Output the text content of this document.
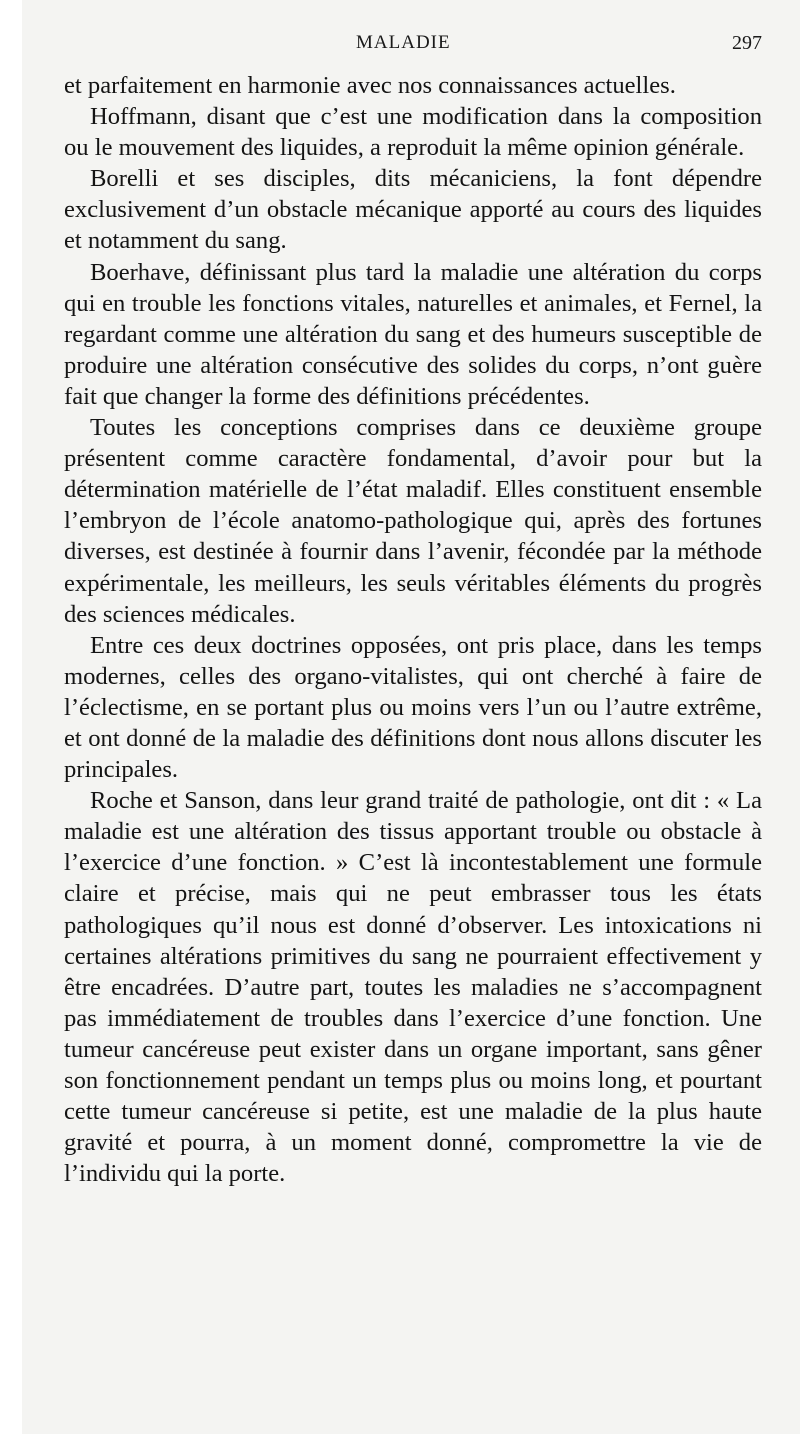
MALADIE	297

et parfaitement en harmonie avec nos connaissances actuelles.

Hoffmann, disant que c’est une modification dans la composition ou le mouvement des liquides, a reproduit la même opinion générale.

Borelli et ses disciples, dits mécaniciens, la font dépendre exclusivement d’un obstacle mécanique apporté au cours des liquides et notamment du sang.

Boerhave, définissant plus tard la maladie une altération du corps qui en trouble les fonctions vitales, naturelles et animales, et Fernel, la regardant comme une altération du sang et des humeurs susceptible de produire une altération consécutive des solides du corps, n’ont guère fait que changer la forme des définitions précédentes.

Toutes les conceptions comprises dans ce deuxième groupe présentent comme caractère fondamental, d’avoir pour but la détermination matérielle de l’état maladif. Elles constituent ensemble l’embryon de l’école anatomo-pathologique qui, après des fortunes diverses, est destinée à fournir dans l’avenir, fécondée par la méthode expérimentale, les meilleurs, les seuls véritables éléments du progrès des sciences médicales.

Entre ces deux doctrines opposées, ont pris place, dans les temps modernes, celles des organo-vitalistes, qui ont cherché à faire de l’éclectisme, en se portant plus ou moins vers l’un ou l’autre extrême, et ont donné de la maladie des définitions dont nous allons discuter les principales.

Roche et Sanson, dans leur grand traité de pathologie, ont dit : « La maladie est une altération des tissus apportant trouble ou obstacle à l’exercice d’une fonction. » C’est là incontestablement une formule claire et précise, mais qui ne peut embrasser tous les états pathologiques qu’il nous est donné d’observer. Les intoxications ni certaines altérations primitives du sang ne pourraient effectivement y être encadrées. D’autre part, toutes les maladies ne s’accompagnent pas immédiatement de troubles dans l’exercice d’une fonction. Une tumeur cancéreuse peut exister dans un organe important, sans gêner son fonctionnement pendant un temps plus ou moins long, et pourtant cette tumeur cancéreuse si petite, est une maladie de la plus haute gravité et pourra, à un moment donné, compromettre la vie de l’individu qui la porte.
